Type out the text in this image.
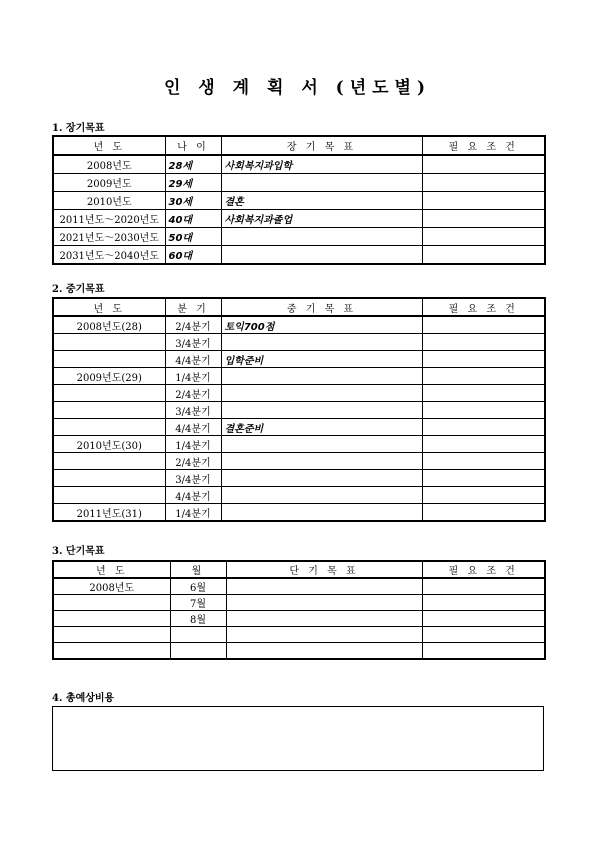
인 생 계 획 서 (년도별)
1. 장기목표
년 도	나 이	장 기 목 표	필 요 조 건
2008년도	28세	사회복지과입학	
2009년도	29세		
2010년도	30세	결혼	
2011년도～2020년도	40대	사회복지과졸업	
2021년도～2030년도	50대		
2031년도～2040년도	60대		
2. 중기목표
년 도	분 기	중 기 목 표	필 요 조 건
2008년도(28)	2/4분기	토익700점	
	3/4분기		
	4/4분기	입학준비	
2009년도(29)	1/4분기		
	2/4분기		
	3/4분기		
	4/4분기	결혼준비	
2010년도(30)	1/4분기		
	2/4분기		
	3/4분기		
	4/4분기		
2011년도(31)	1/4분기		
3. 단기목표
년 도	월	단 기 목 표	필 요 조 건
2008년도	6월		
	7월		
	8월		

4. 총예상비용
